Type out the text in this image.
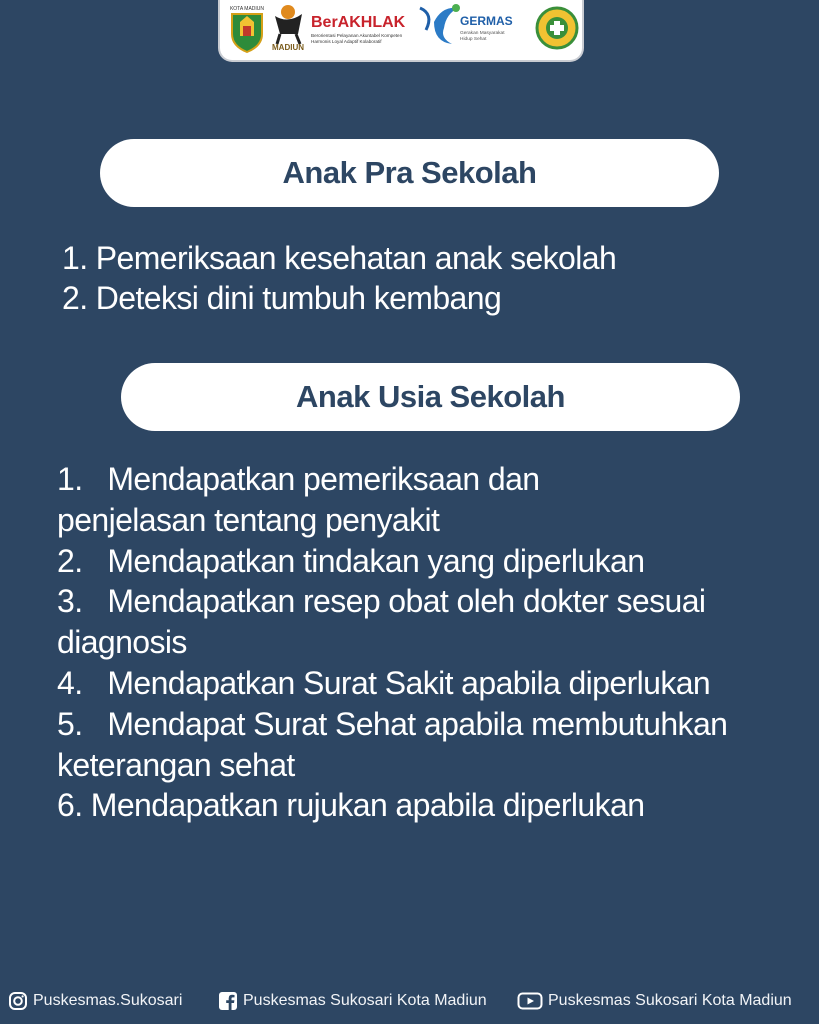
KOTA MADIUN
MADIUN
BerAKHLAK
Berorientasi Pelayanan Akuntabel Kompeten
Harmonis Loyal Adaptif Kolaboratif
GERMAS
Gerakan Masyarakat
Hidup Sehat
Anak Pra Sekolah
1. Pemeriksaan kesehatan anak sekolah
2. Deteksi dini tumbuh kembang
Anak Usia Sekolah
1.   Mendapatkan pemeriksaan dan
penjelasan tentang penyakit
2.   Mendapatkan tindakan yang diperlukan
3.   Mendapatkan resep obat oleh dokter sesuai
diagnosis
4.   Mendapatkan Surat Sakit apabila diperlukan
5.   Mendapat Surat Sehat apabila membutuhkan
keterangan sehat
6. Mendapatkan rujukan apabila diperlukan
Puskesmas.Sukosari	Puskesmas Sukosari Kota Madiun	Puskesmas Sukosari Kota Madiun
